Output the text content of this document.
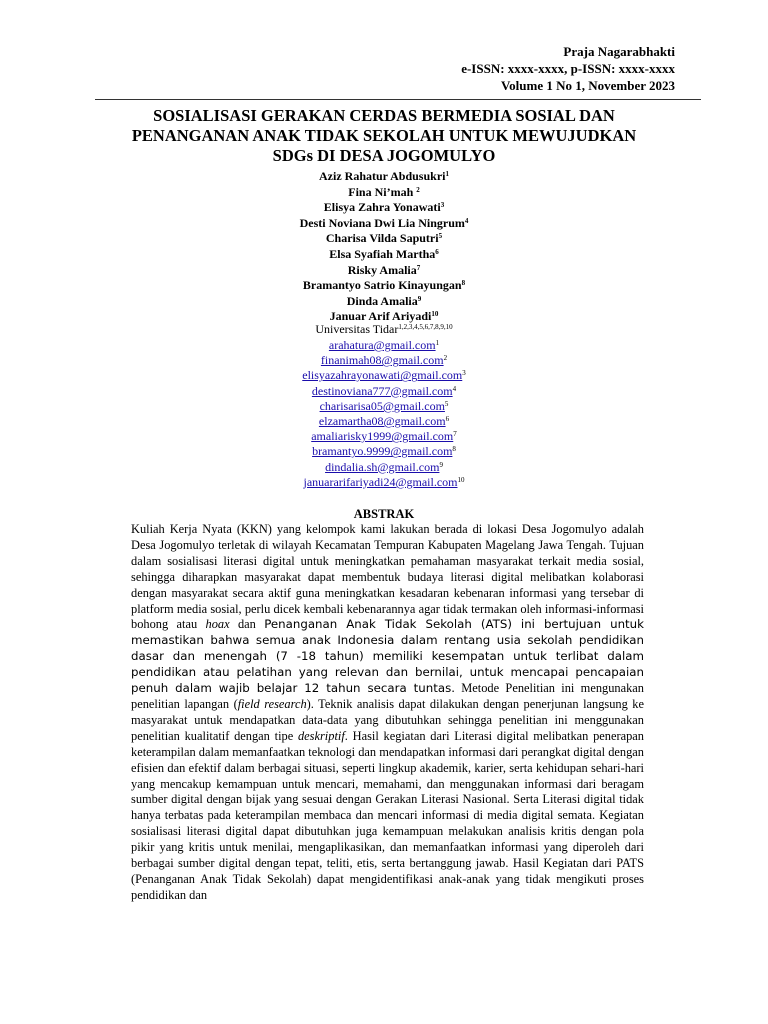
Praja Nagarabhakti
e-ISSN: xxxx-xxxx, p-ISSN: xxxx-xxxx
Volume 1 No 1, November 2023
SOSIALISASI GERAKAN CERDAS BERMEDIA SOSIAL DAN
PENANGANAN ANAK TIDAK SEKOLAH UNTUK MEWUJUDKAN
SDGs DI DESA JOGOMULYO
Aziz Rahatur Abdusukri$^1$
Fina Ni’mah $^2$
Elisya Zahra Yonawati$^3$
Desti Noviana Dwi Lia Ningrum$^4$
Charisa Vilda Saputri$^5$
Elsa Syafiah Martha$^6$
Risky Amalia$^7$
Bramantyo Satrio Kinayungan$^8$
Dinda Amalia$^9$
Januar Arif Ariyadi$^{10}$
Universitas Tidar$^{1,2,3,4,5,6,7,8,9,10}$
arahatura@gmail.com$^1$
finanimah08@gmail.com$^2$
elisyazahrayonawati@gmail.com$^3$
destinoviana777@gmail.com$^4$
charisarisa05@gmail.com$^5$
elzamartha08@gmail.com$^6$
amaliarisky1999@gmail.com$^7$
bramantyo.9999@gmail.com$^8$
dindalia.sh@gmail.com$^9$
januararifariyadi24@gmail.com$^{10}$
ABSTRAK

Kuliah Kerja Nyata (KKN) yang kelompok kami lakukan berada di lokasi Desa Jogomulyo adalah Desa Jogomulyo terletak di wilayah Kecamatan Tempuran Kabupaten Magelang Jawa Tengah. Tujuan dalam sosialisasi literasi digital untuk meningkatkan pemahaman masyarakat terkait media sosial, sehingga diharapkan masyarakat dapat membentuk budaya literasi digital melibatkan kolaborasi dengan masyarakat secara aktif guna meningkatkan kesadaran kebenaran informasi yang tersebar di platform media sosial, perlu dicek kembali kebenarannya agar tidak termakan oleh informasi-informasi bohong atau hoax dan Penanganan Anak Tidak Sekolah (ATS) ini bertujuan untuk memastikan bahwa semua anak Indonesia dalam rentang usia sekolah pendidikan dasar dan menengah (7 -18 tahun) memiliki kesempatan untuk terlibat dalam pendidikan atau pelatihan yang relevan dan bernilai, untuk mencapai pencapaian penuh dalam wajib belajar 12 tahun secara tuntas. Metode Penelitian ini mengunakan penelitian lapangan (field research). Teknik analisis dapat dilakukan dengan penerjunan langsung ke masyarakat untuk mendapatkan data-data yang dibutuhkan sehingga penelitian ini menggunakan penelitian kualitatif dengan tipe deskriptif. Hasil kegiatan dari Literasi digital melibatkan penerapan keterampilan dalam memanfaatkan teknologi dan mendapatkan informasi dari perangkat digital dengan efisien dan efektif dalam berbagai situasi, seperti lingkup akademik, karier, serta kehidupan sehari-hari yang mencakup kemampuan untuk mencari, memahami, dan menggunakan informasi dari beragam sumber digital dengan bijak yang sesuai dengan Gerakan Literasi Nasional. Serta Literasi digital tidak hanya terbatas pada keterampilan membaca dan mencari informasi di media digital semata. Kegiatan sosialisasi literasi digital dapat dibutuhkan juga kemampuan melakukan analisis kritis dengan pola pikir yang kritis untuk menilai, mengaplikasikan, dan memanfaatkan informasi yang diperoleh dari berbagai sumber digital dengan tepat, teliti, etis, serta bertanggung jawab. Hasil Kegiatan dari PATS (Penanganan Anak Tidak Sekolah) dapat mengidentifikasi anak-anak yang tidak mengikuti proses pendidikan dan
